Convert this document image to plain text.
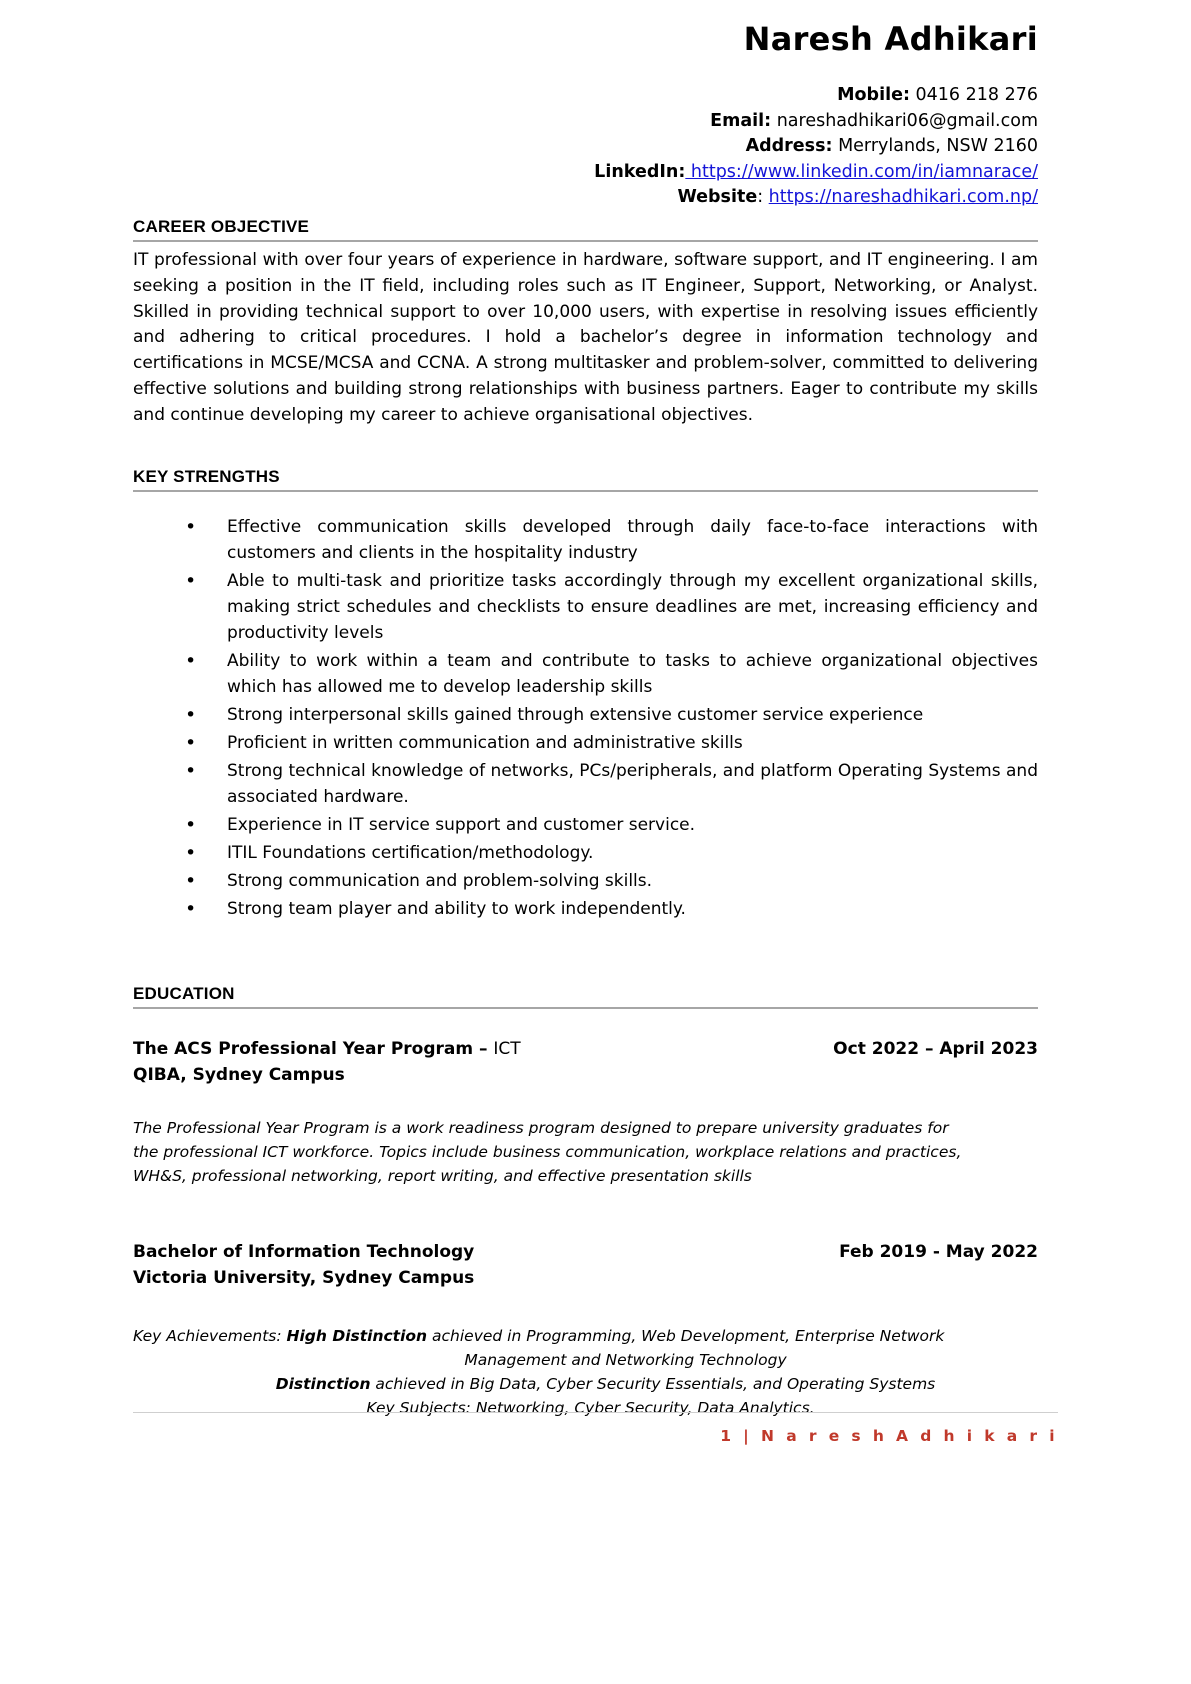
Naresh Adhikari
Mobile: 0416 218 276
Email: nareshadhikari06@gmail.com
Address: Merrylands, NSW 2160
LinkedIn: https://www.linkedin.com/in/iamnarace/
Website: https://nareshadhikari.com.np/
CAREER OBJECTIVE
IT professional with over four years of experience in hardware, software support, and IT engineering. I am seeking a position in the IT field, including roles such as IT Engineer, Support, Networking, or Analyst. Skilled in providing technical support to over 10,000 users, with expertise in resolving issues efficiently and adhering to critical procedures. I hold a bachelor’s degree in information technology and certifications in MCSE/MCSA and CCNA. A strong multitasker and problem-solver, committed to delivering effective solutions and building strong relationships with business partners. Eager to contribute my skills and continue developing my career to achieve organisational objectives.
KEY STRENGTHS
• Effective communication skills developed through daily face-to-face interactions with customers and clients in the hospitality industry
• Able to multi-task and prioritize tasks accordingly through my excellent organizational skills, making strict schedules and checklists to ensure deadlines are met, increasing efficiency and productivity levels
• Ability to work within a team and contribute to tasks to achieve organizational objectives which has allowed me to develop leadership skills
• Strong interpersonal skills gained through extensive customer service experience
• Proficient in written communication and administrative skills
• Strong technical knowledge of networks, PCs/peripherals, and platform Operating Systems and associated hardware.
• Experience in IT service support and customer service.
• ITIL Foundations certification/methodology.
• Strong communication and problem-solving skills.
• Strong team player and ability to work independently.
EDUCATION
The ACS Professional Year Program – ICT	Oct 2022 – April 2023
QIBA, Sydney Campus
The Professional Year Program is a work readiness program designed to prepare university graduates for the professional ICT workforce. Topics include business communication, workplace relations and practices, WH&S, professional networking, report writing, and effective presentation skills
Bachelor of Information Technology	Feb 2019 - May 2022
Victoria University, Sydney Campus
Key Achievements: High Distinction achieved in Programming, Web Development, Enterprise Network
Management and Networking Technology
Distinction achieved in Big Data, Cyber Security Essentials, and Operating Systems
Key Subjects: Networking, Cyber Security, Data Analytics.
1 | N a r e s h A d h i k a r i
